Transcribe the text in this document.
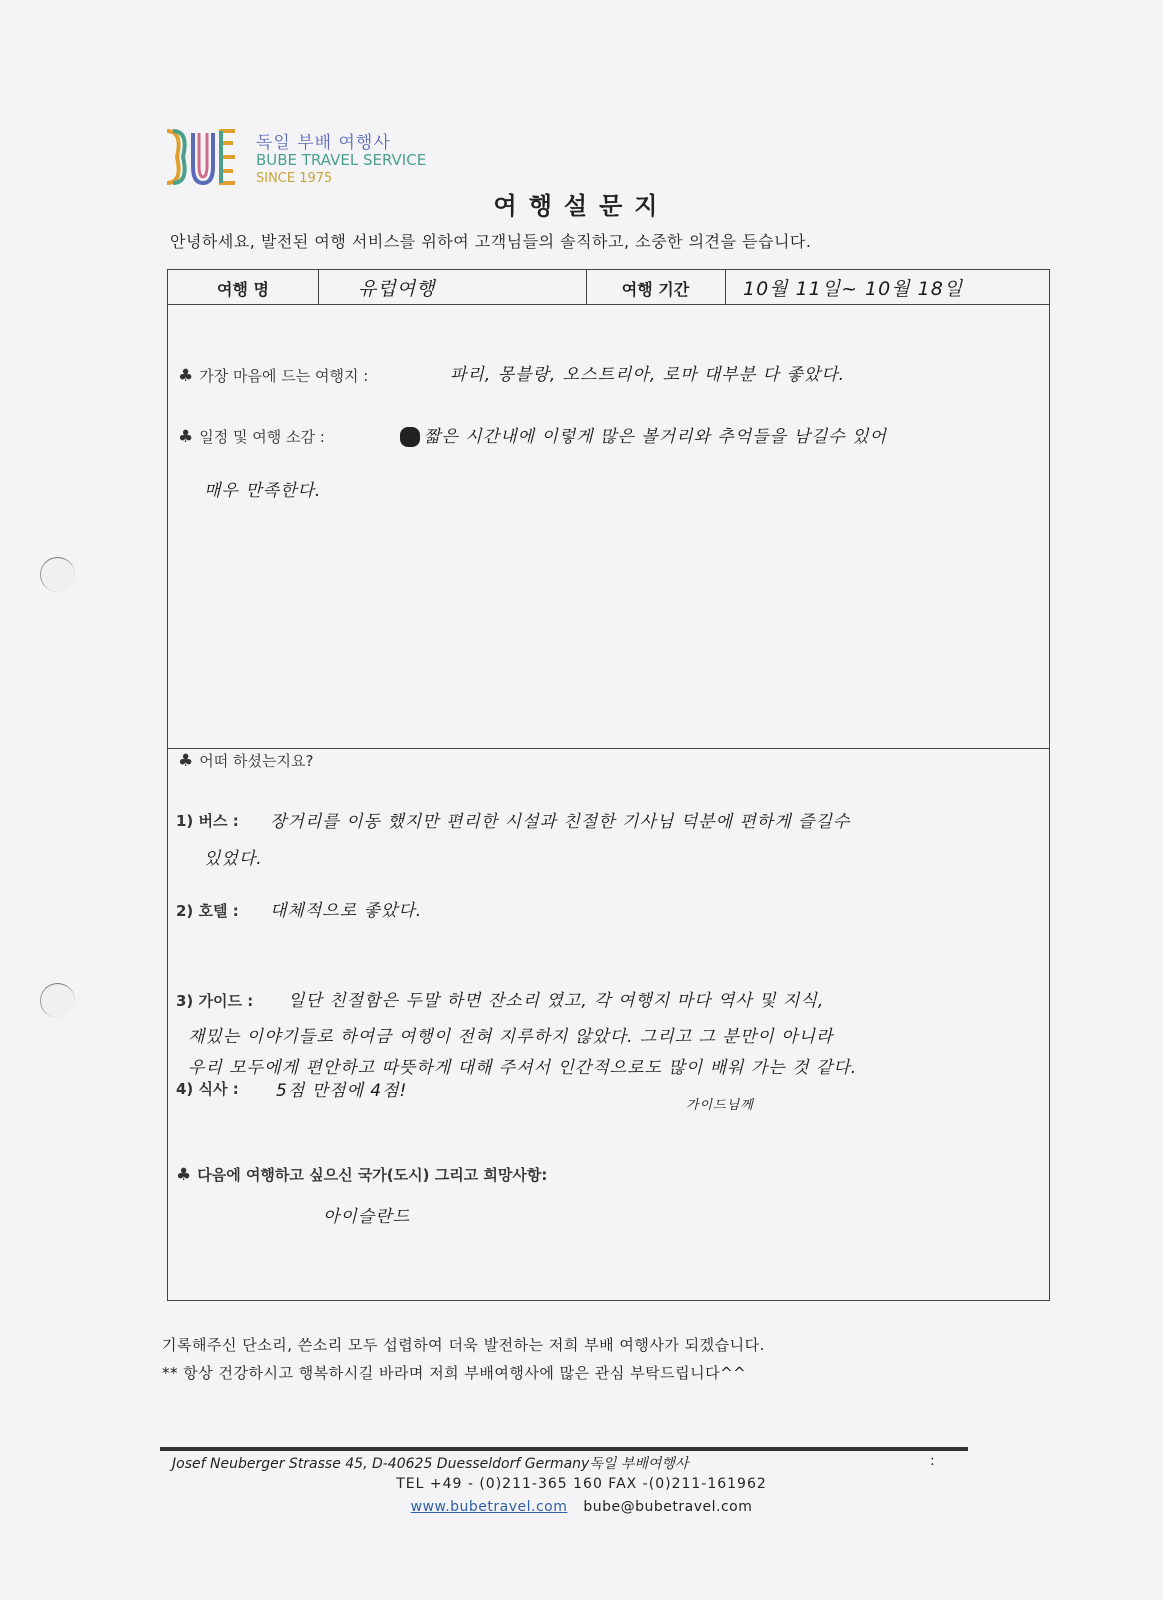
독일 부배 여행사
BUBE TRAVEL SERVICE
SINCE 1975
여행설문지
안녕하세요, 발전된 여행 서비스를 위하여 고객님들의 솔직하고, 소중한 의견을 듣습니다.
여행 명	유럽여행	여행 기간	10월 11일~ 10월 18일
♣ 가장 마음에 드는 여행지 :	파리, 몽블랑, 오스트리아, 로마 대부분 다 좋았다.
♣ 일정 및 여행 소감 :	짧은 시간내에 이렇게 많은 볼거리와 추억들을 남길수 있어
매우 만족한다.
♣ 어떠 하셨는지요?
1) 버스 : 장거리를 이동 했지만 편리한 시설과 친절한 기사님 덕분에 편하게 즐길수
있었다.
2) 호텔 : 대체적으로 좋았다.
3) 가이드 : 일단 친절함은 두말 하면 잔소리 였고, 각 여행지 마다 역사 및 지식,
재밌는 이야기들로 하여금 여행이 전혀 지루하지 않았다. 그리고 그 분만이 아니라
우리 모두에게 편안하고 따뜻하게 대해 주셔서 인간적으로도 많이 배워 가는 것 같다.
가이드님께
4) 식사 : 5점 만점에 4점!
♣ 다음에 여행하고 싶으신 국가(도시) 그리고 희망사항:
아이슬란드
기록해주신 단소리, 쓴소리 모두 섭렵하여 더욱 발전하는 저희 부배 여행사가 되겠습니다.
** 항상 건강하시고 행복하시길 바라며 저희 부배여행사에 많은 관심 부탁드립니다^^
Josef Neuberger Strasse 45, D-40625 Duesseldorf Germany독일 부배여행사	:
TEL +49 - (0)211-365 160 FAX -(0)211-161962
www.bubetravel.com bube@bubetravel.com
